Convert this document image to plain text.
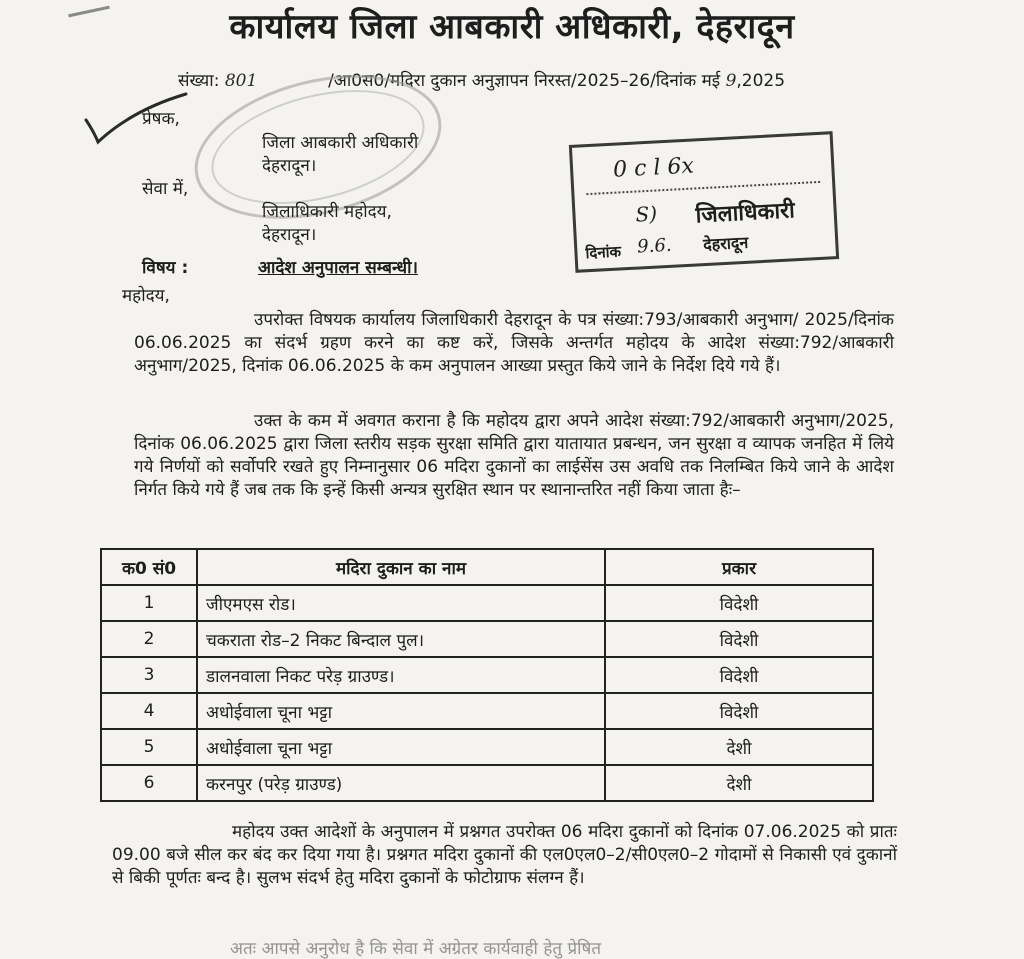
कार्यालय जिला आबकारी अधिकारी, देहरादून
संख्या: 801	/आ0स0/मदिरा दुकान अनुज्ञापन निरस्त/2025–26/दिनांक मई 9,2025
प्रेषक,
जिला आबकारी अधिकारी
देहरादून।
सेवा में,
जिलाधिकारी महोदय,
देहरादून।
0 c l 6x
S) जिलाधिकारी
दिनांक 9.6. देहरादून
विषय :	आदेश अनुपालन सम्बन्धी।
महोदय,
उपरोक्त विषयक कार्यालय जिलाधिकारी देहरादून के पत्र संख्या:793/आबकारी अनुभाग/ 2025/दिनांक 06.06.2025 का संदर्भ ग्रहण करने का कष्ट करें, जिसके अन्तर्गत महोदय के आदेश संख्या:792/आबकारी अनुभाग/2025, दिनांक 06.06.2025 के कम अनुपालन आख्या प्रस्तुत किये जाने के निर्देश दिये गये हैं।
उक्त के कम में अवगत कराना है कि महोदय द्वारा अपने आदेश संख्या:792/आबकारी अनुभाग/2025, दिनांक 06.06.2025 द्वारा जिला स्तरीय सड़क सुरक्षा समिति द्वारा यातायात प्रबन्धन, जन सुरक्षा व व्यापक जनहित में लिये गये निर्णयों को सर्वोपरि रखते हुए निम्नानुसार 06 मदिरा दुकानों का लाईसेंस उस अवधि तक निलम्बित किये जाने के आदेश निर्गत किये गये हैं जब तक कि इन्हें किसी अन्यत्र सुरक्षित स्थान पर स्थानान्तरित नहीं किया जाता हैः–
क0 सं0	मदिरा दुकान का नाम	प्रकार
1	जीएमएस रोड।	विदेशी
2	चकराता रोड–2 निकट बिन्दाल पुल।	विदेशी
3	डालनवाला निकट परेड़ ग्राउण्ड।	विदेशी
4	अधोईवाला चूना भट्टा	विदेशी
5	अधोईवाला चूना भट्टा	देशी
6	करनपुर (परेड़ ग्राउण्ड)	देशी
महोदय उक्त आदेशों के अनुपालन में प्रश्नगत उपरोक्त 06 मदिरा दुकानों को दिनांक 07.06.2025 को प्रातः 09.00 बजे सील कर बंद कर दिया गया है। प्रश्नगत मदिरा दुकानों की एल0एल0–2/सी0एल0–2 गोदामों से निकासी एवं दुकानों से बिकी पूर्णतः बन्द है। सुलभ संदर्भ हेतु मदिरा दुकानों के फोटोग्राफ संलग्न हैं।
अतः आपसे अनुरोध है कि सेवा में अग्रेतर कार्यवाही हेतु प्रेषित
